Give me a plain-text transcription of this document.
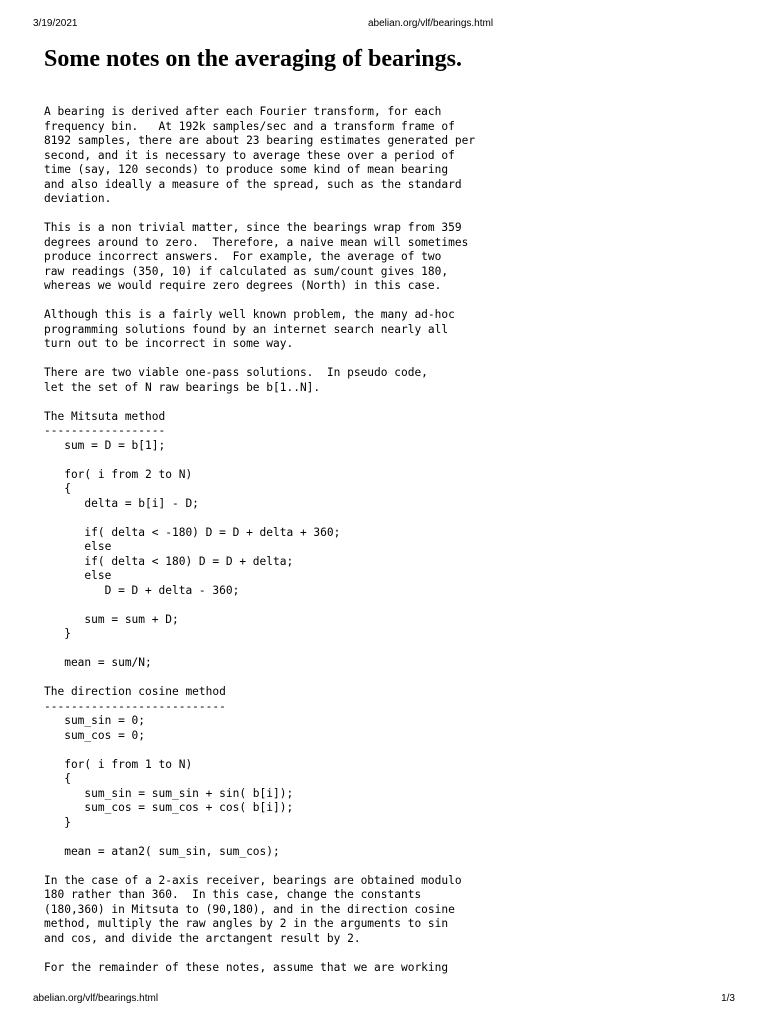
3/19/2021	abelian.org/vlf/bearings.html
Some notes on the averaging of bearings.
A bearing is derived after each Fourier transform, for each
frequency bin.   At 192k samples/sec and a transform frame of
8192 samples, there are about 23 bearing estimates generated per
second, and it is necessary to average these over a period of
time (say, 120 seconds) to produce some kind of mean bearing
and also ideally a measure of the spread, such as the standard
deviation.

This is a non trivial matter, since the bearings wrap from 359
degrees around to zero.  Therefore, a naive mean will sometimes
produce incorrect answers.  For example, the average of two
raw readings (350, 10) if calculated as sum/count gives 180,
whereas we would require zero degrees (North) in this case.

Although this is a fairly well known problem, the many ad-hoc
programming solutions found by an internet search nearly all
turn out to be incorrect in some way.

There are two viable one-pass solutions.  In pseudo code,
let the set of N raw bearings be b[1..N].

The Mitsuta method
------------------
sum = D = b[1];

for( i from 2 to N)
{
delta = b[i] - D;

if( delta < -180) D = D + delta + 360;
else
if( delta < 180) D = D + delta;
else
D = D + delta - 360;

sum = sum + D;
}

mean = sum/N;

The direction cosine method
---------------------------
sum_sin = 0;
sum_cos = 0;

for( i from 1 to N)
{
sum_sin = sum_sin + sin( b[i]);
sum_cos = sum_cos + cos( b[i]);
}

mean = atan2( sum_sin, sum_cos);

In the case of a 2-axis receiver, bearings are obtained modulo
180 rather than 360.  In this case, change the constants
(180,360) in Mitsuta to (90,180), and in the direction cosine
method, multiply the raw angles by 2 in the arguments to sin
and cos, and divide the arctangent result by 2.

For the remainder of these notes, assume that we are working
abelian.org/vlf/bearings.html	1/3
